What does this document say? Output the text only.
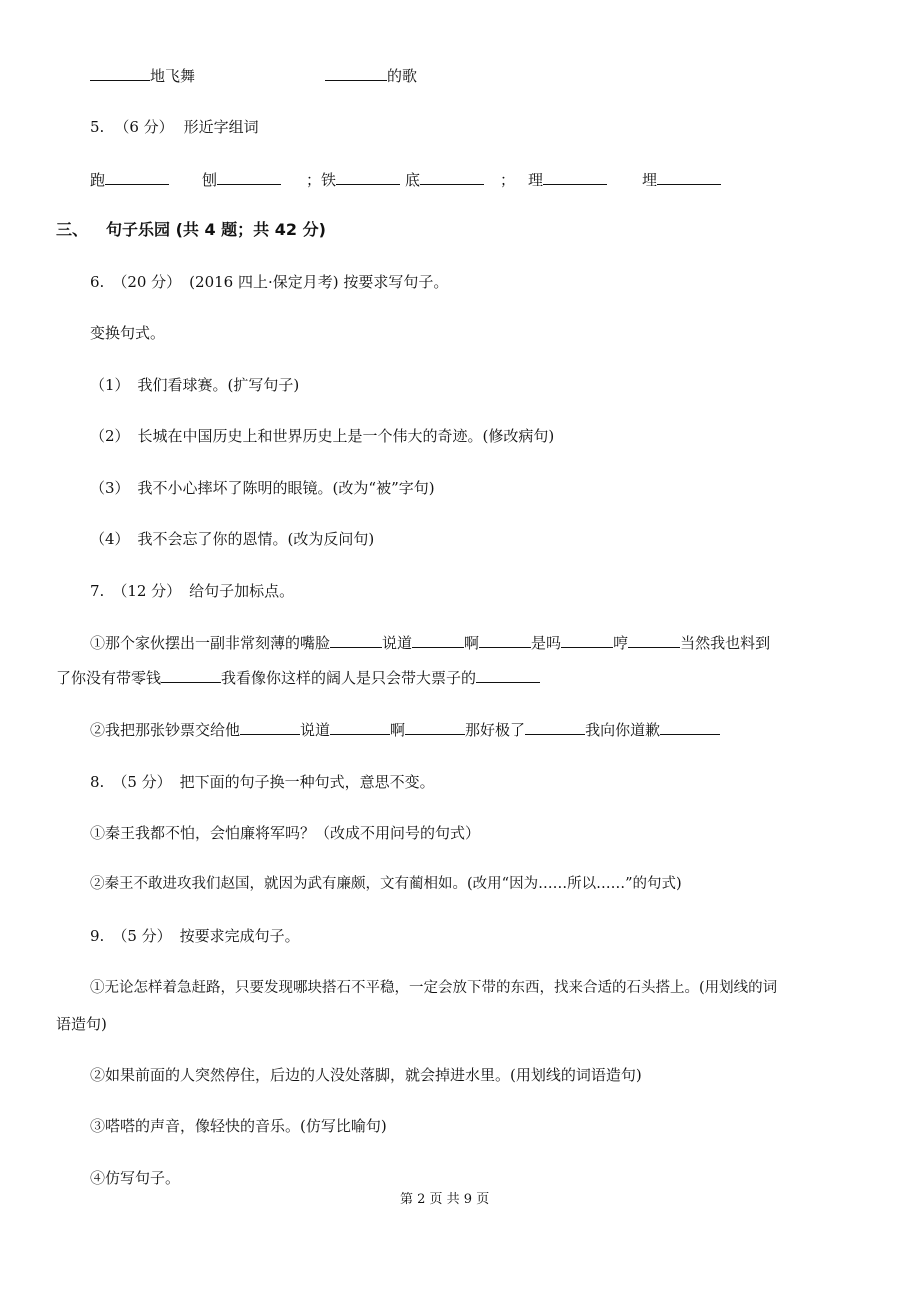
地飞舞	的歌
5. （6 分） 形近字组词
跑	刨	；铁	底	； 理	埋
三、 句子乐园 (共 4 题；共 42 分)
6. （20 分） (2016 四上·保定月考) 按要求写句子。
变换句式。
（1） 我们看球赛。(扩写句子)
（2） 长城在中国历史上和世界历史上是一个伟大的奇迹。(修改病句)
（3） 我不小心摔坏了陈明的眼镜。(改为“被”字句)
（4） 我不会忘了你的恩情。(改为反问句)
7. （12 分） 给句子加标点。
①那个家伙摆出一副非常刻薄的嘴脸	说道	啊	是吗	哼	当然我也料到
了你没有带零钱	我看像你这样的阔人是只会带大票子的
②我把那张钞票交给他	说道	啊	那好极了	我向你道歉
8. （5 分） 把下面的句子换一种句式，意思不变。
①秦王我都不怕，会怕廉将军吗？（改成不用问号的句式）
②秦王不敢进攻我们赵国，就因为武有廉颇，文有蔺相如。(改用“因为……所以……”的句式)
9. （5 分） 按要求完成句子。
①无论怎样着急赶路，只要发现哪块搭石不平稳，一定会放下带的东西，找来合适的石头搭上。(用划线的词
语造句)
②如果前面的人突然停住，后边的人没处落脚，就会掉进水里。(用划线的词语造句)
③嗒嗒的声音，像轻快的音乐。(仿写比喻句)
④仿写句子。
第 2 页 共 9 页
